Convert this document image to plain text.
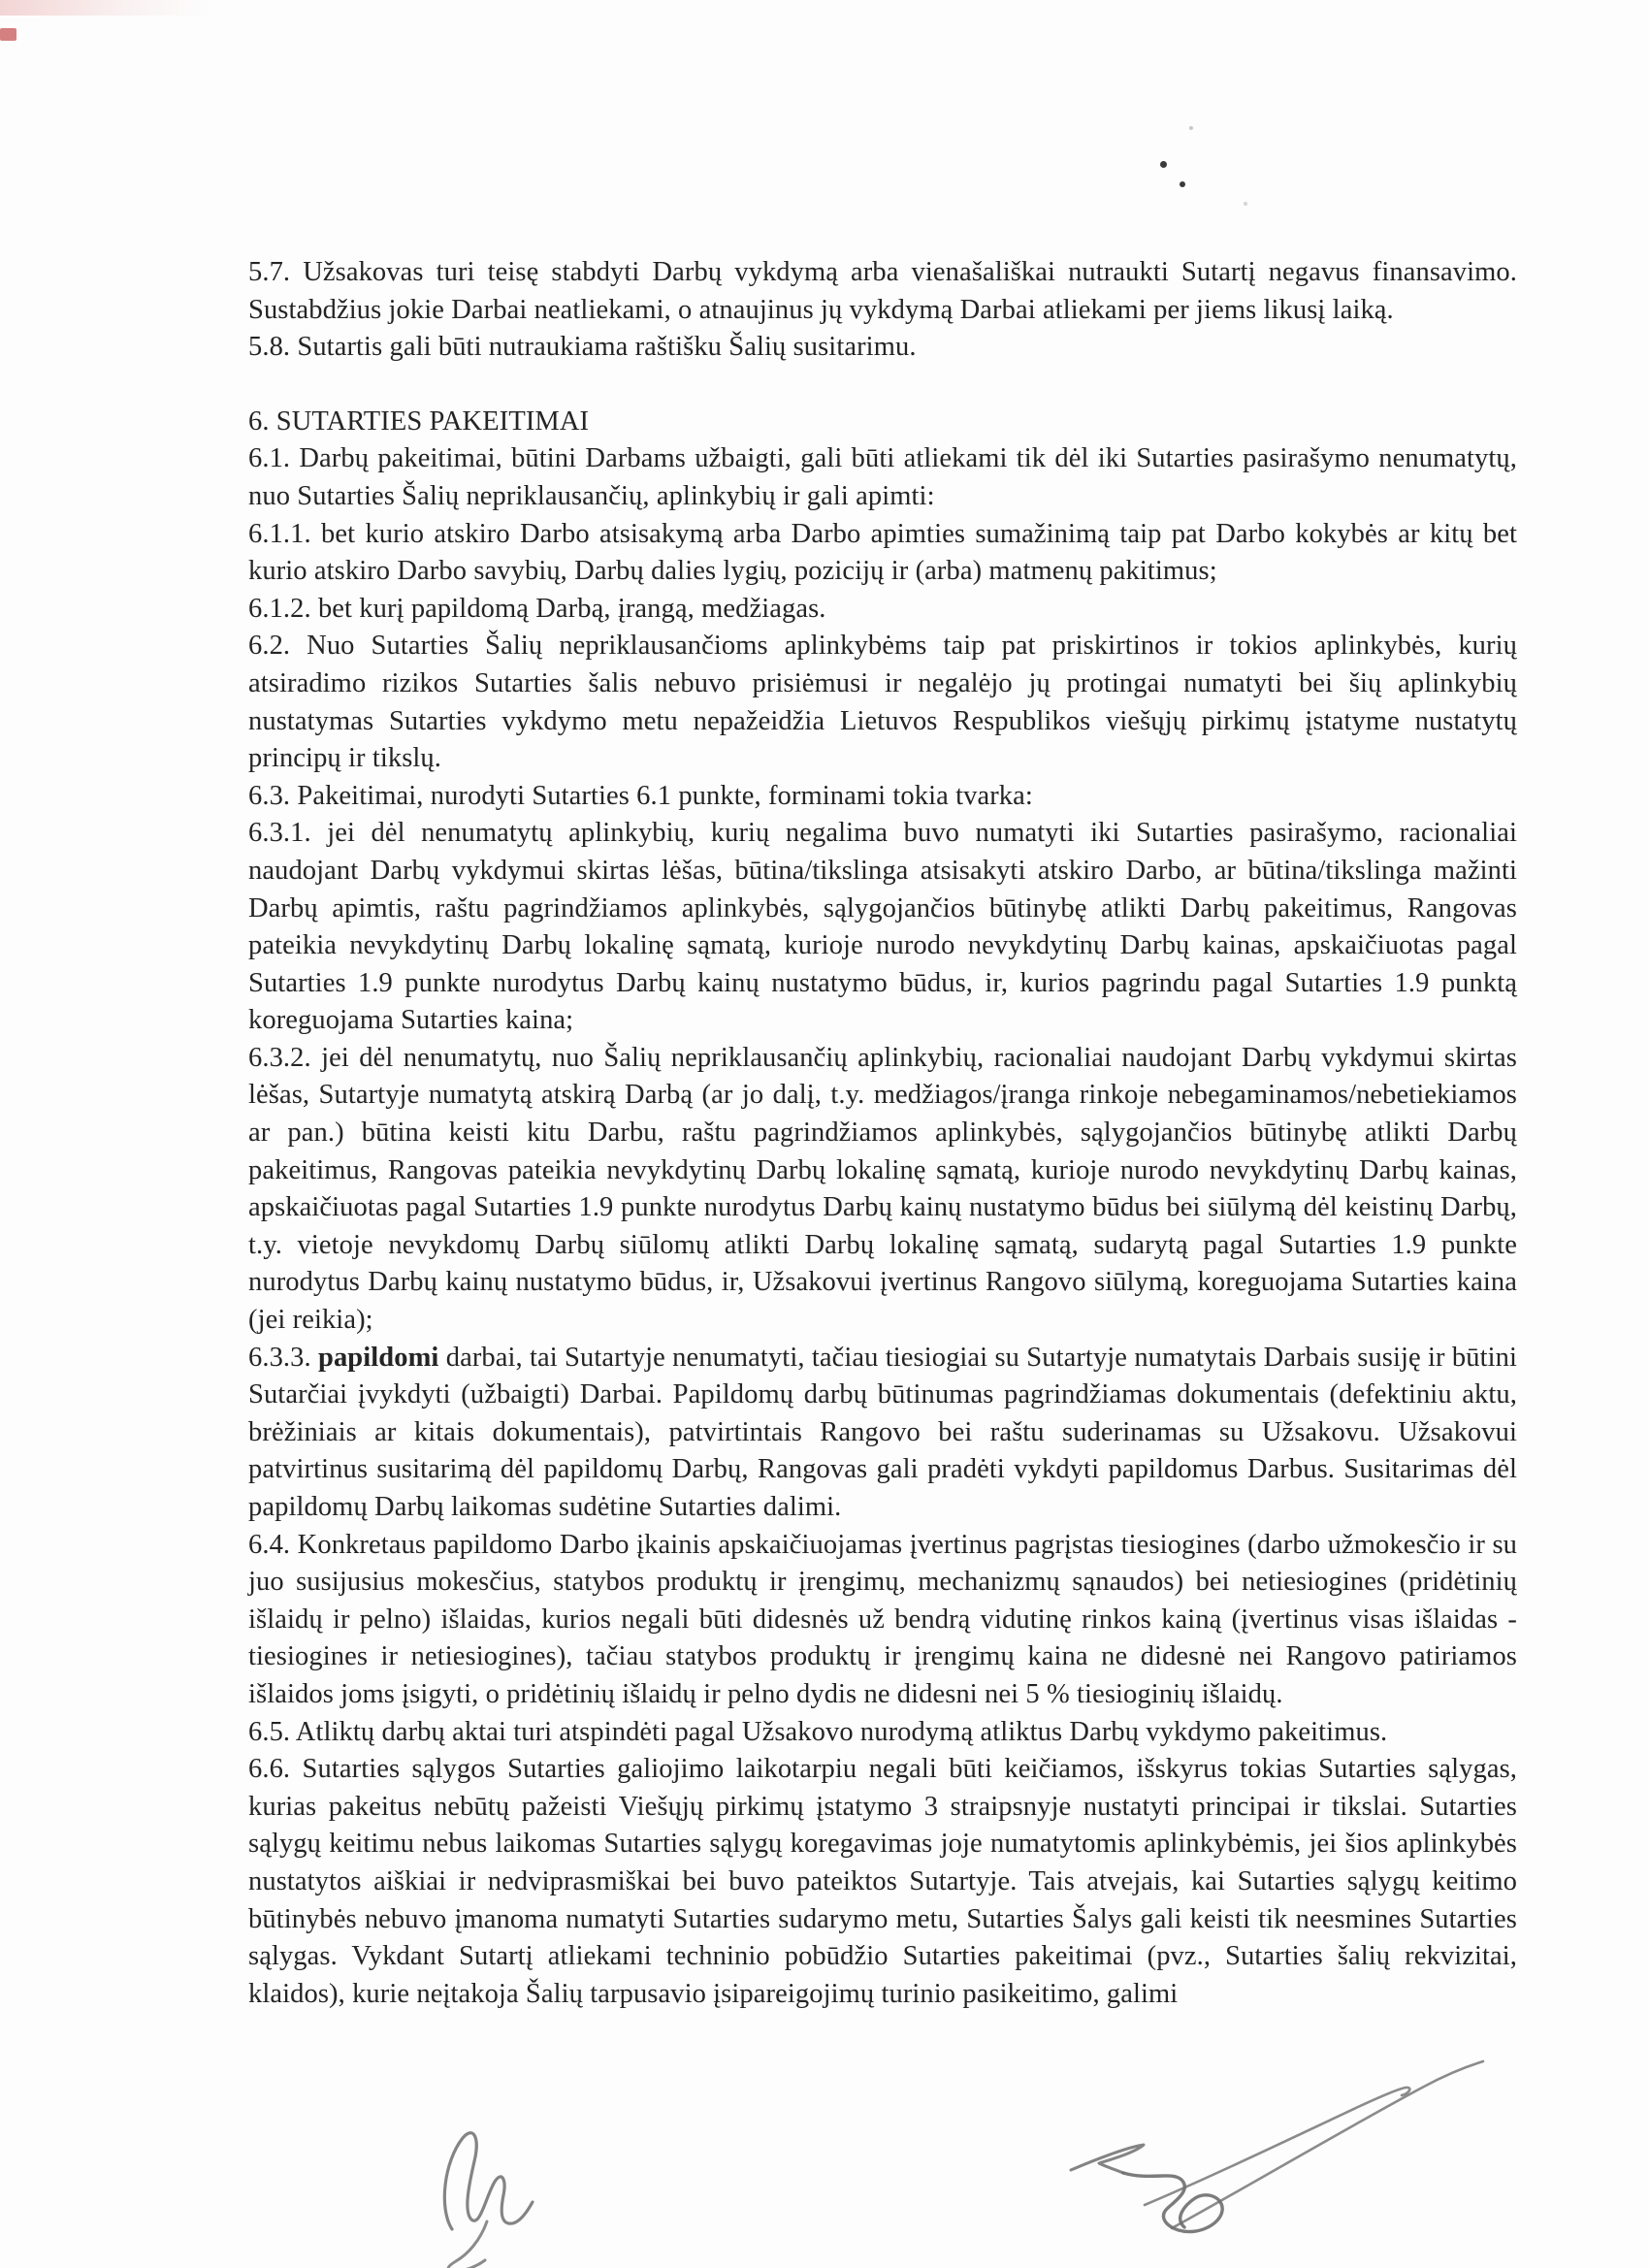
5.7. Užsakovas turi teisę stabdyti Darbų vykdymą arba vienašališkai nutraukti Sutartį negavus finansavimo. Sustabdžius jokie Darbai neatliekami, o atnaujinus jų vykdymą Darbai atliekami per jiems likusį laiką.

5.8. Sutartis gali būti nutraukiama raštišku Šalių susitarimu.

6. SUTARTIES PAKEITIMAI

6.1. Darbų pakeitimai, būtini Darbams užbaigti, gali būti atliekami tik dėl iki Sutarties pasirašymo nenumatytų, nuo Sutarties Šalių nepriklausančių, aplinkybių ir gali apimti:

6.1.1. bet kurio atskiro Darbo atsisakymą arba Darbo apimties sumažinimą taip pat Darbo kokybės ar kitų bet kurio atskiro Darbo savybių, Darbų dalies lygių, pozicijų ir (arba) matmenų pakitimus;

6.1.2. bet kurį papildomą Darbą, įrangą, medžiagas.

6.2. Nuo Sutarties Šalių nepriklausančioms aplinkybėms taip pat priskirtinos ir tokios aplinkybės, kurių atsiradimo rizikos Sutarties šalis nebuvo prisiėmusi ir negalėjo jų protingai numatyti bei šių aplinkybių nustatymas Sutarties vykdymo metu nepažeidžia Lietuvos Respublikos viešųjų pirkimų įstatyme nustatytų principų ir tikslų.

6.3. Pakeitimai, nurodyti Sutarties 6.1 punkte, forminami tokia tvarka:

6.3.1. jei dėl nenumatytų aplinkybių, kurių negalima buvo numatyti iki Sutarties pasirašymo, racionaliai naudojant Darbų vykdymui skirtas lėšas, būtina/tikslinga atsisakyti atskiro Darbo, ar būtina/tikslinga mažinti Darbų apimtis, raštu pagrindžiamos aplinkybės, sąlygojančios būtinybę atlikti Darbų pakeitimus, Rangovas pateikia nevykdytinų Darbų lokalinę sąmatą, kurioje nurodo nevykdytinų Darbų kainas, apskaičiuotas pagal Sutarties 1.9 punkte nurodytus Darbų kainų nustatymo būdus, ir, kurios pagrindu pagal Sutarties 1.9 punktą koreguojama Sutarties kaina;

6.3.2. jei dėl nenumatytų, nuo Šalių nepriklausančių aplinkybių, racionaliai naudojant Darbų vykdymui skirtas lėšas, Sutartyje numatytą atskirą Darbą (ar jo dalį, t.y. medžiagos/įranga rinkoje nebegaminamos/nebetiekiamos ar pan.) būtina keisti kitu Darbu, raštu pagrindžiamos aplinkybės, sąlygojančios būtinybę atlikti Darbų pakeitimus, Rangovas pateikia nevykdytinų Darbų lokalinę sąmatą, kurioje nurodo nevykdytinų Darbų kainas, apskaičiuotas pagal Sutarties 1.9 punkte nurodytus Darbų kainų nustatymo būdus bei siūlymą dėl keistinų Darbų, t.y. vietoje nevykdomų Darbų siūlomų atlikti Darbų lokalinę sąmatą, sudarytą pagal Sutarties 1.9 punkte nurodytus Darbų kainų nustatymo būdus, ir, Užsakovui įvertinus Rangovo siūlymą, koreguojama Sutarties kaina (jei reikia);

6.3.3. papildomi darbai, tai Sutartyje nenumatyti, tačiau tiesiogiai su Sutartyje numatytais Darbais susiję ir būtini Sutarčiai įvykdyti (užbaigti) Darbai. Papildomų darbų būtinumas pagrindžiamas dokumentais (defektiniu aktu, brėžiniais ar kitais dokumentais), patvirtintais Rangovo bei raštu suderinamas su Užsakovu. Užsakovui patvirtinus susitarimą dėl papildomų Darbų, Rangovas gali pradėti vykdyti papildomus Darbus. Susitarimas dėl papildomų Darbų laikomas sudėtine Sutarties dalimi.

6.4. Konkretaus papildomo Darbo įkainis apskaičiuojamas įvertinus pagrįstas tiesiogines (darbo užmokesčio ir su juo susijusius mokesčius, statybos produktų ir įrengimų, mechanizmų sąnaudos) bei netiesiogines (pridėtinių išlaidų ir pelno) išlaidas, kurios negali būti didesnės už bendrą vidutinę rinkos kainą (įvertinus visas išlaidas - tiesiogines ir netiesiogines), tačiau statybos produktų ir įrengimų kaina ne didesnė nei Rangovo patiriamos išlaidos joms įsigyti, o pridėtinių išlaidų ir pelno dydis ne didesni nei 5 % tiesioginių išlaidų.

6.5. Atliktų darbų aktai turi atspindėti pagal Užsakovo nurodymą atliktus Darbų vykdymo pakeitimus.

6.6. Sutarties sąlygos Sutarties galiojimo laikotarpiu negali būti keičiamos, išskyrus tokias Sutarties sąlygas, kurias pakeitus nebūtų pažeisti Viešųjų pirkimų įstatymo 3 straipsnyje nustatyti principai ir tikslai. Sutarties sąlygų keitimu nebus laikomas Sutarties sąlygų koregavimas joje numatytomis aplinkybėmis, jei šios aplinkybės nustatytos aiškiai ir nedviprasmiškai bei buvo pateiktos Sutartyje. Tais atvejais, kai Sutarties sąlygų keitimo būtinybės nebuvo įmanoma numatyti Sutarties sudarymo metu, Sutarties Šalys gali keisti tik neesmines Sutarties sąlygas. Vykdant Sutartį atliekami techninio pobūdžio Sutarties pakeitimai (pvz., Sutarties šalių rekvizitai, klaidos), kurie neįtakoja Šalių tarpusavio įsipareigojimų turinio pasikeitimo, galimi
